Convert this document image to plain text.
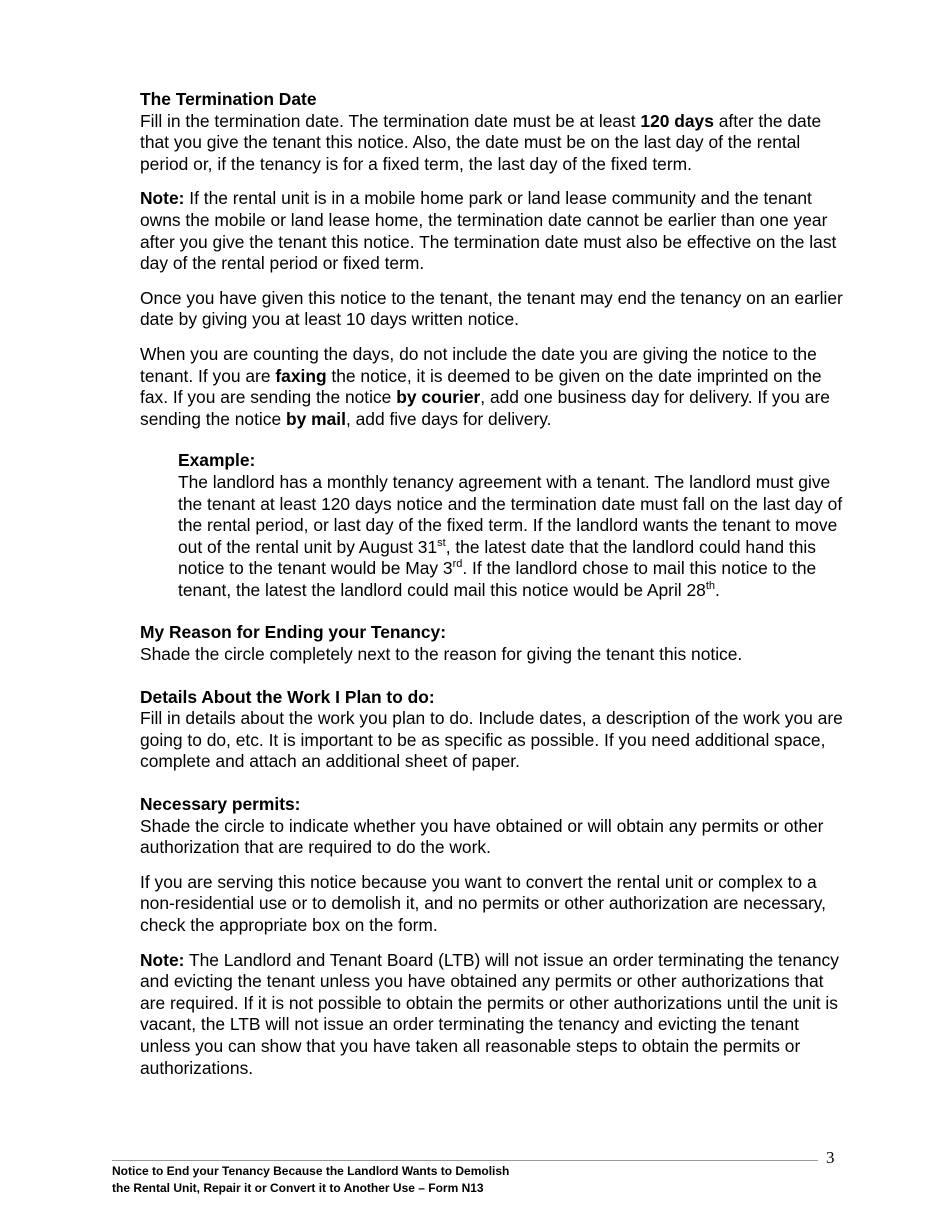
The Termination Date

Fill in the termination date. The termination date must be at least 120 days after the date that you give the tenant this notice. Also, the date must be on the last day of the rental period or, if the tenancy is for a fixed term, the last day of the fixed term.

Note: If the rental unit is in a mobile home park or land lease community and the tenant owns the mobile or land lease home, the termination date cannot be earlier than one year after you give the tenant this notice. The termination date must also be effective on the last day of the rental period or fixed term.

Once you have given this notice to the tenant, the tenant may end the tenancy on an earlier date by giving you at least 10 days written notice.

When you are counting the days, do not include the date you are giving the notice to the tenant. If you are faxing the notice, it is deemed to be given on the date imprinted on the fax. If you are sending the notice by courier, add one business day for delivery. If you are sending the notice by mail, add five days for delivery.

Example:

The landlord has a monthly tenancy agreement with a tenant. The landlord must give the tenant at least 120 days notice and the termination date must fall on the last day of the rental period, or last day of the fixed term. If the landlord wants the tenant to move out of the rental unit by August 31st, the latest date that the landlord could hand this notice to the tenant would be May 3rd. If the landlord chose to mail this notice to the tenant, the latest the landlord could mail this notice would be April 28th.

My Reason for Ending your Tenancy:

Shade the circle completely next to the reason for giving the tenant this notice.

Details About the Work I Plan to do:

Fill in details about the work you plan to do. Include dates, a description of the work you are going to do, etc. It is important to be as specific as possible. If you need additional space, complete and attach an additional sheet of paper.

Necessary permits:

Shade the circle to indicate whether you have obtained or will obtain any permits or other authorization that are required to do the work.

If you are serving this notice because you want to convert the rental unit or complex to a non-residential use or to demolish it, and no permits or other authorization are necessary, check the appropriate box on the form.

Note: The Landlord and Tenant Board (LTB) will not issue an order terminating the tenancy and evicting the tenant unless you have obtained any permits or other authorizations that are required. If it is not possible to obtain the permits or other authorizations until the unit is vacant, the LTB will not issue an order terminating the tenancy and evicting the tenant unless you can show that you have taken all reasonable steps to obtain the permits or authorizations.

3
Notice to End your Tenancy Because the Landlord Wants to Demolish
the Rental Unit, Repair it or Convert it to Another Use – Form N13
